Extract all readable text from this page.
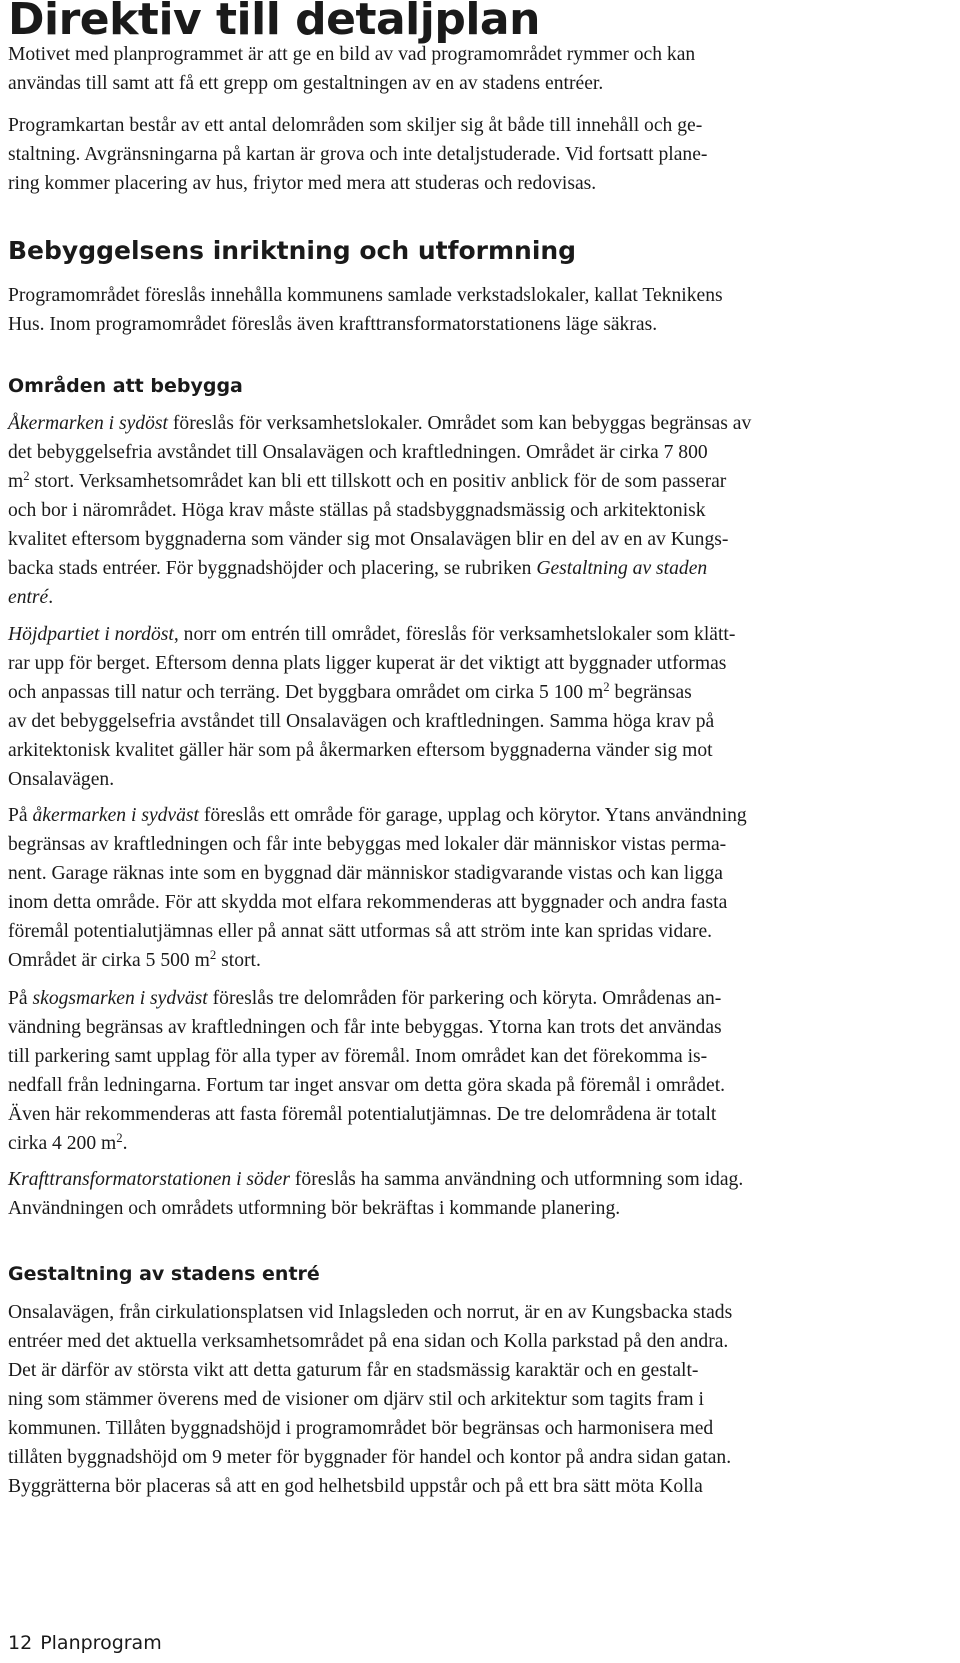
Direktiv till detaljplan

Motivet med planprogrammet är att ge en bild av vad programområdet rymmer och kan
användas till samt att få ett grepp om gestaltningen av en av stadens entréer.

Programkartan består av ett antal delområden som skiljer sig åt både till innehåll och ge-
staltning. Avgränsningarna på kartan är grova och inte detaljstuderade. Vid fortsatt plane-
ring kommer placering av hus, friytor med mera att studeras och redovisas.

Bebyggelsens inriktning och utformning

Programområdet föreslås innehålla kommunens samlade verkstadslokaler, kallat Teknikens
Hus. Inom programområdet föreslås även krafttransformatorstationens läge säkras.

Områden att bebygga

Åkermarken i sydöst föreslås för verksamhetslokaler. Området som kan bebyggas begränsas av
det bebyggelsefria avståndet till Onsalavägen och kraftledningen. Området är cirka 7 800
$m^2$ stort. Verksamhetsområdet kan bli ett tillskott och en positiv anblick för de som passerar
och bor i närområdet. Höga krav måste ställas på stadsbyggnadsmässig och arkitektonisk
kvalitet eftersom byggnaderna som vänder sig mot Onsalavägen blir en del av en av Kungs-
backa stads entréer. För byggnadshöjder och placering, se rubriken Gestaltning av staden
entré.

Höjdpartiet i nordöst, norr om entrén till området, föreslås för verksamhetslokaler som klätt-
rar upp för berget. Eftersom denna plats ligger kuperat är det viktigt att byggnader utformas
och anpassas till natur och terräng. Det byggbara området om cirka 5 100 $m^2$ begränsas
av det bebyggelsefria avståndet till Onsalavägen och kraftledningen. Samma höga krav på
arkitektonisk kvalitet gäller här som på åkermarken eftersom byggnaderna vänder sig mot
Onsalavägen.

På åkermarken i sydväst föreslås ett område för garage, upplag och körytor. Ytans användning
begränsas av kraftledningen och får inte bebyggas med lokaler där människor vistas perma-
nent. Garage räknas inte som en byggnad där människor stadigvarande vistas och kan ligga
inom detta område. För att skydda mot elfara rekommenderas att byggnader och andra fasta
föremål potentialutjämnas eller på annat sätt utformas så att ström inte kan spridas vidare.
Området är cirka 5 500 $m^2$ stort.

På skogsmarken i sydväst föreslås tre delområden för parkering och köryta. Områdenas an-
vändning begränsas av kraftledningen och får inte bebyggas. Ytorna kan trots det användas
till parkering samt upplag för alla typer av föremål. Inom området kan det förekomma is-
nedfall från ledningarna. Fortum tar inget ansvar om detta göra skada på föremål i området.
Även här rekommenderas att fasta föremål potentialutjämnas. De tre delområdena är totalt
cirka 4 200 $m^2$.

Krafttransformatorstationen i söder föreslås ha samma användning och utformning som idag.
Användningen och områdets utformning bör bekräftas i kommande planering.

Gestaltning av stadens entré

Onsalavägen, från cirkulationsplatsen vid Inlagsleden och norrut, är en av Kungsbacka stads
entréer med det aktuella verksamhetsområdet på ena sidan och Kolla parkstad på den andra.
Det är därför av största vikt att detta gaturum får en stadsmässig karaktär och en gestalt-
ning som stämmer överens med de visioner om djärv stil och arkitektur som tagits fram i
kommunen. Tillåten byggnadshöjd i programområdet bör begränsas och harmonisera med
tillåten byggnadshöjd om 9 meter för byggnader för handel och kontor på andra sidan gatan.
Byggrätterna bör placeras så att en god helhetsbild uppstår och på ett bra sätt möta Kolla

12 Planprogram
